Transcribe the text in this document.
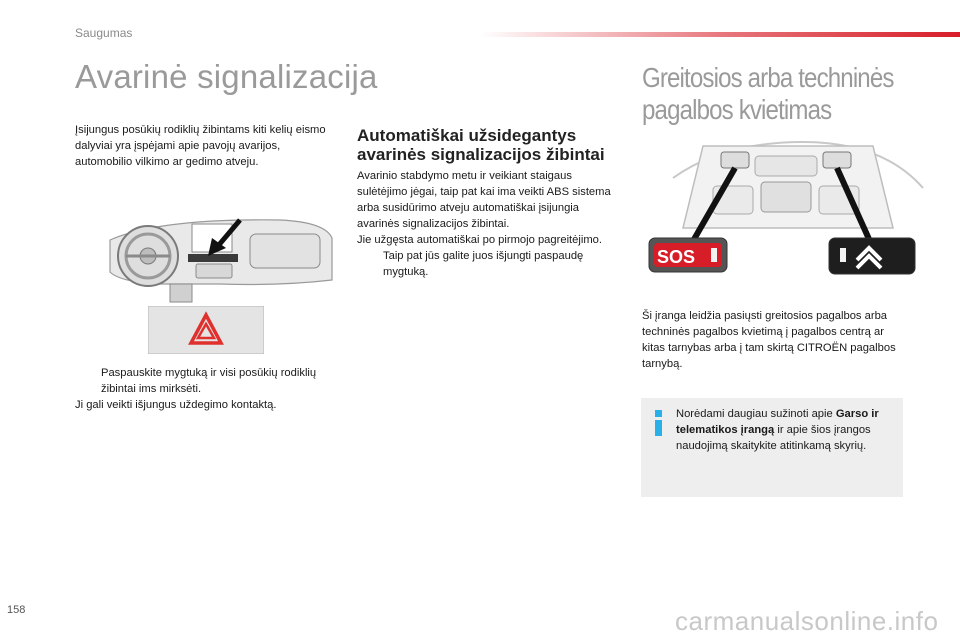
Saugumas
Avarinė signalizacija
Įsijungus posūkių rodiklių žibintams kiti kelių eismo dalyviai yra įspėjami apie pavojų avarijos, automobilio vilkimo ar gedimo atveju.
Paspauskite mygtuką ir visi posūkių rodiklių žibintai ims mirksėti.
Ji gali veikti išjungus uždegimo kontaktą.
Automatiškai užsidegantys avarinės signalizacijos žibintai
Avarinio stabdymo metu ir veikiant staigaus sulėtėjimo jėgai, taip pat kai ima veikti ABS sistema arba susidūrimo atveju automatiškai įsijungia avarinės signalizacijos žibintai.
Jie užgęsta automatiškai po pirmojo pagreitėjimo.
Taip pat jūs galite juos išjungti paspaudę mygtuką.
Greitosios arba techninės pagalbos kvietimas
SOS
Ši įranga leidžia pasiųsti greitosios pagalbos arba techninės pagalbos kvietimą į pagalbos centrą ar kitas tarnybas arba į tam skirtą CITROËN pagalbos tarnybą.
Norėdami daugiau sužinoti apie Garso ir telematikos įrangą ir apie šios įrangos naudojimą skaitykite atitinkamą skyrių.
158	carmanualsonline.info
